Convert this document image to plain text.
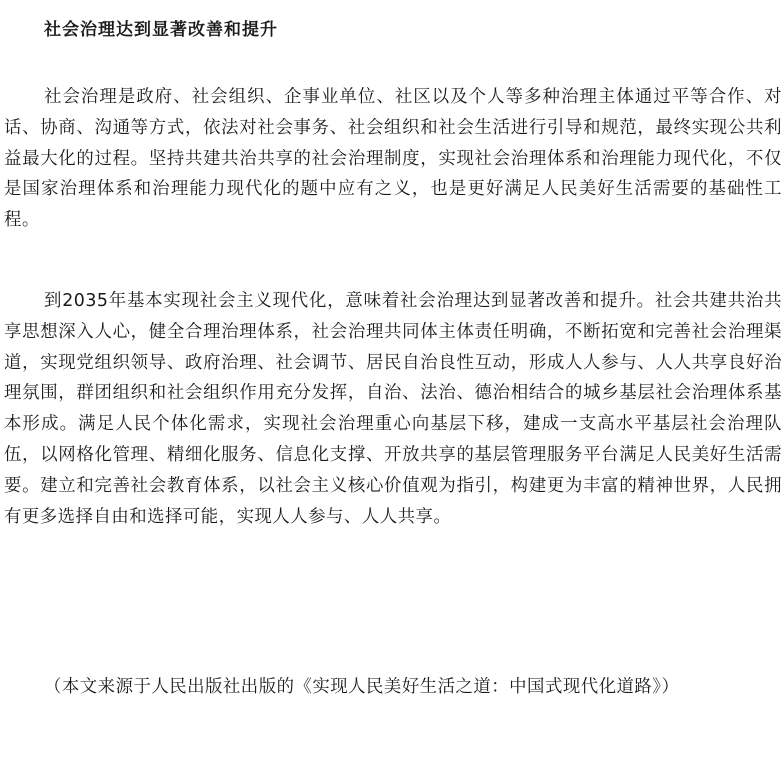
社会治理达到显著改善和提升

社会治理是政府、社会组织、企事业单位、社区以及个人等多种治理主体通过平等合作、对话、协商、沟通等方式，依法对社会事务、社会组织和社会生活进行引导和规范，最终实现公共利益最大化的过程。坚持共建共治共享的社会治理制度，实现社会治理体系和治理能力现代化，不仅是国家治理体系和治理能力现代化的题中应有之义，也是更好满足人民美好生活需要的基础性工程。

到2035年基本实现社会主义现代化，意味着社会治理达到显著改善和提升。社会共建共治共享思想深入人心，健全合理治理体系，社会治理共同体主体责任明确，不断拓宽和完善社会治理渠道，实现党组织领导、政府治理、社会调节、居民自治良性互动，形成人人参与、人人共享良好治理氛围，群团组织和社会组织作用充分发挥，自治、法治、德治相结合的城乡基层社会治理体系基本形成。满足人民个体化需求，实现社会治理重心向基层下移，建成一支高水平基层社会治理队伍，以网格化管理、精细化服务、信息化支撑、开放共享的基层管理服务平台满足人民美好生活需要。建立和完善社会教育体系，以社会主义核心价值观为指引，构建更为丰富的精神世界，人民拥有更多选择自由和选择可能，实现人人参与、人人共享。

（本文来源于人民出版社出版的《实现人民美好生活之道：中国式现代化道路》）
